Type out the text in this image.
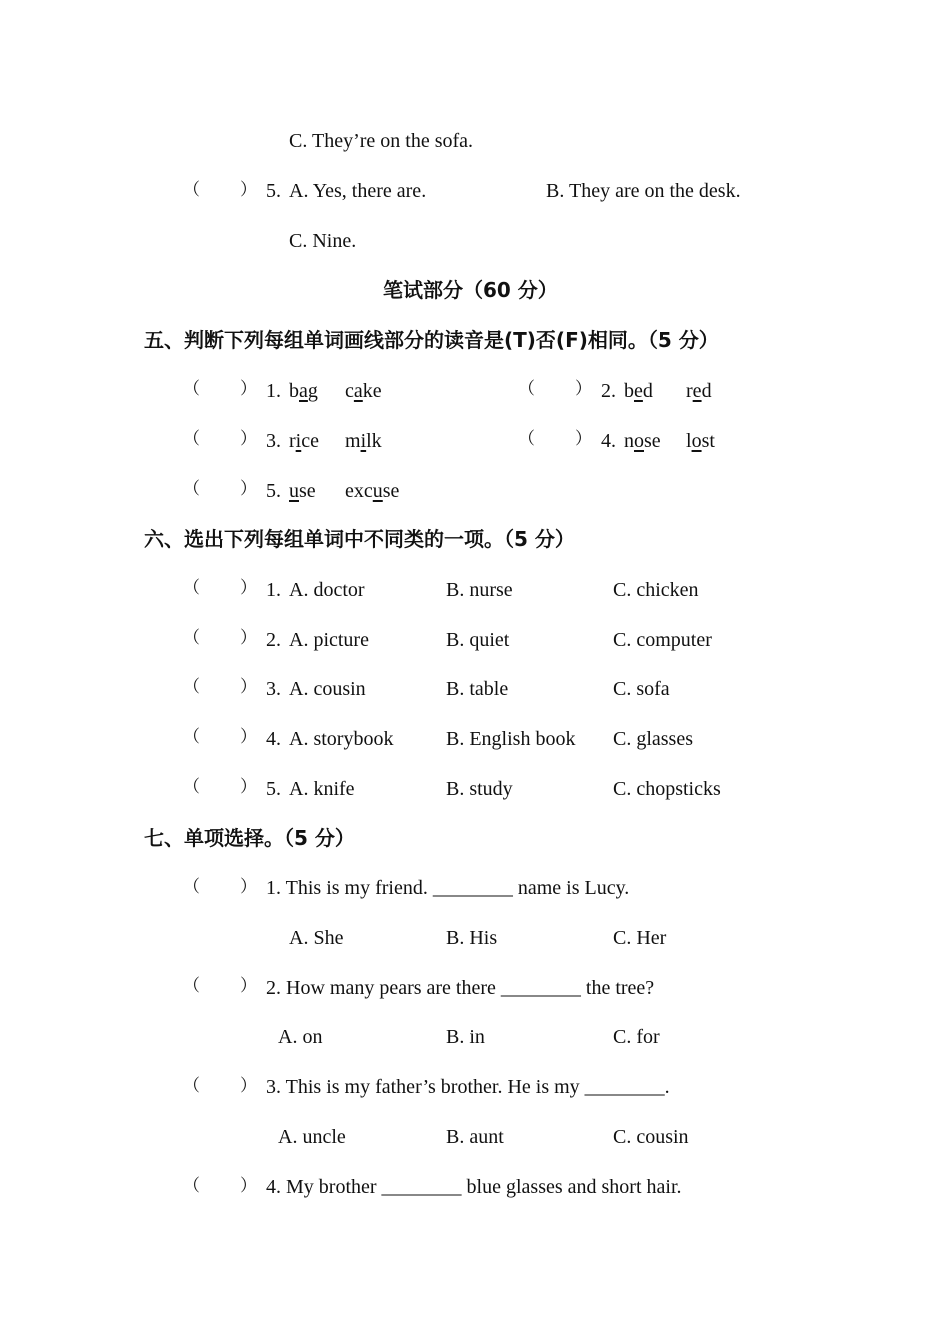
C. They’re on the sofa.
（ ） 5. A. Yes, there are.	B. They are on the desk.
C. Nine.
笔试部分（60 分）
五、判断下列每组单词画线部分的读音是(T)否(F)相同。（5 分）
（ ） 1. bag cake	（ ） 2. bed red
（ ） 3. rice milk	（ ） 4. nose lost
（ ） 5. use excuse
六、选出下列每组单词中不同类的一项。（5 分）
（ ） 1. A. doctor	B. nurse	C. chicken
（ ） 2. A. picture	B. quiet	C. computer
（ ） 3. A. cousin	B. table	C. sofa
（ ） 4. A. storybook	B. English book C. glasses
（ ） 5. A. knife	B. study	C. chopsticks
七、单项选择。（5 分）
（ ） 1. This is my friend. ________ name is Lucy.
A. She	B. His	C. Her
（ ） 2. How many pears are there ________ the tree?
A. on	B. in	C. for
（ ） 3. This is my father’s brother. He is my ________.
A. uncle	B. aunt	C. cousin
（ ） 4. My brother ________ blue glasses and short hair.
